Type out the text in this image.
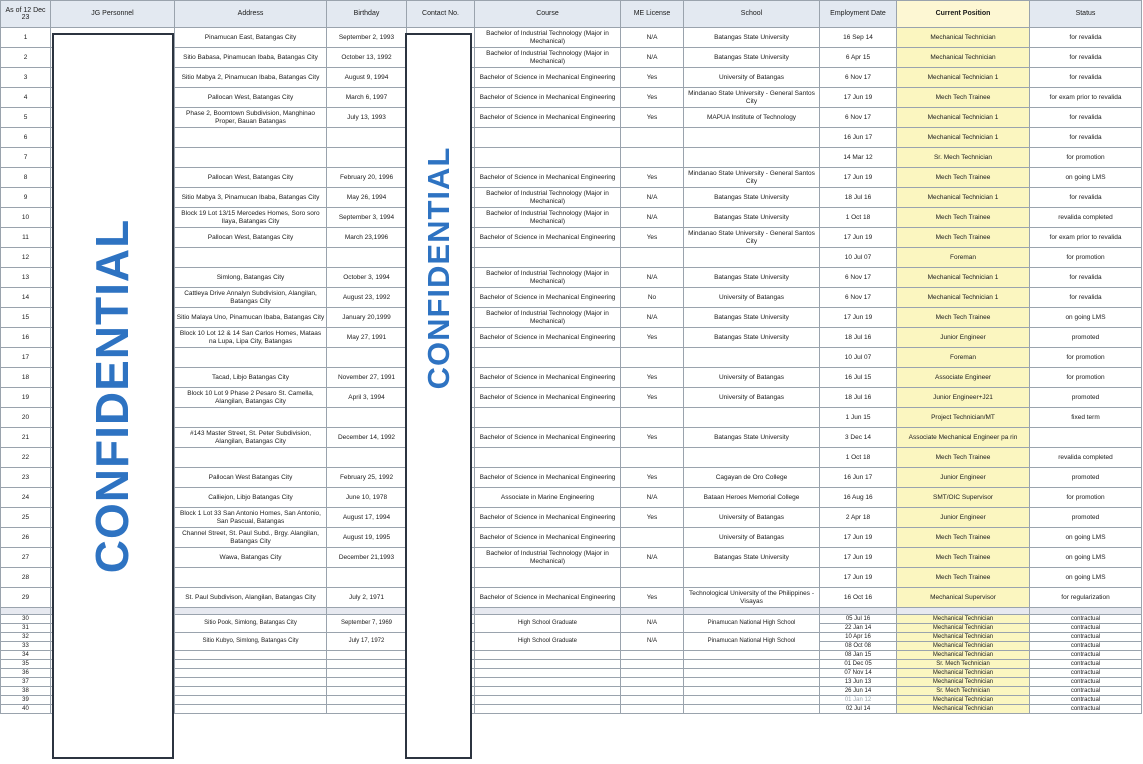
As of 12 Dec 23	JG Personnel	Address	Birthday	Contact No.	Course	ME License	School	Employment Date	Current Position	Status
1		Pinamucan East, Batangas City	September 2, 1993		Bachelor of Industrial Technology (Major in Mechanical)	N/A	Batangas State University	16 Sep 14	Mechanical Technician	for revalida
2		Sitio Babasa, Pinamucan Ibaba, Batangas City	October 13, 1992		Bachelor of Industrial Technology (Major in Mechanical)	N/A	Batangas State University	6 Apr 15	Mechanical Technician	for revalida
3		Sitio Mabya 2, Pinamucan Ibaba, Batangas City	August 9, 1994		Bachelor of Science in Mechanical Engineering	Yes	University of Batangas	6 Nov 17	Mechanical Technician 1	for revalida
4		Pallocan West, Batangas City	March 6, 1997		Bachelor of Science in Mechanical Engineering	Yes	Mindanao State University - General Santos City	17 Jun 19	Mech Tech Trainee	for exam prior to revalida
5		Phase 2, Boomtown Subdivision, Manghinao Proper, Bauan Batangas	July 13, 1993		Bachelor of Science in Mechanical Engineering	Yes	MAPUA Institute of Technology	6 Nov 17	Mechanical Technician 1	for revalida
6								16 Jun 17	Mechanical Technician 1	for revalida
7								14 Mar 12	Sr. Mech Technician	for promotion
8		Pallocan West, Batangas City	February 20, 1996		Bachelor of Science in Mechanical Engineering	Yes	Mindanao State University - General Santos City	17 Jun 19	Mech Tech Trainee	on going LMS
9		Sitio Mabya 3, Pinamucan Ibaba, Batangas City	May 26, 1994		Bachelor of Industrial Technology (Major in Mechanical)	N/A	Batangas State University	18 Jul 16	Mechanical Technician 1	for revalida
10		Block 19 Lot 13/15 Mercedes Homes, Soro soro Ilaya, Batangas City	September 3, 1994		Bachelor of Industrial Technology (Major in Mechanical)	N/A	Batangas State University	1 Oct 18	Mech Tech Trainee	revalida completed
11		Pallocan West, Batangas City	March 23,1996		Bachelor of Science in Mechanical Engineering	Yes	Mindanao State University - General Santos City	17 Jun 19	Mech Tech Trainee	for exam prior to revalida
12								10 Jul 07	Foreman	for promotion
13		Simlong, Batangas City	October 3, 1994		Bachelor of Industrial Technology (Major in Mechanical)	N/A	Batangas State University	6 Nov 17	Mechanical Technician 1	for revalida
14		Cattleya Drive Annalyn Subdivision, Alangilan, Batangas City	August 23, 1992		Bachelor of Science in Mechanical Engineering	No	University of Batangas	6 Nov 17	Mechanical Technician 1	for revalida
15		Sitio Malaya Uno, Pinamucan Ibaba, Batangas City	January 20,1999		Bachelor of Industrial Technology (Major in Mechanical)	N/A	Batangas State University	17 Jun 19	Mech Tech Trainee	on going LMS
16		Block 10 Lot 12 & 14 San Carlos Homes, Mataas na Lupa, Lipa City, Batangas	May 27, 1991		Bachelor of Science in Mechanical Engineering	Yes	Batangas State University	18 Jul 16	Junior Engineer	promoted
17								10 Jul 07	Foreman	for promotion
18		Tacad, Libjo Batangas City	November 27, 1991		Bachelor of Science in Mechanical Engineering	Yes	University of Batangas	16 Jul 15	Associate Engineer	for promotion
19		Block 10 Lot 9 Phase 2 Pesaro St. Camella, Alangilan, Batangas City	April 3, 1994		Bachelor of Science in Mechanical Engineering	Yes	University of Batangas	18 Jul 16	Junior Engineer+J21	promoted
20								1 Jun 15	Project Technician/MT	fixed term
21		#143 Master Street, St. Peter Subdivision, Alangilan, Batangas City	December 14, 1992		Bachelor of Science in Mechanical Engineering	Yes	Batangas State University	3 Dec 14	Associate Mechanical Engineer pa rin	
22								1 Oct 18	Mech Tech Trainee	revalida completed
23		Pallocan West Batangas City	February 25, 1992		Bachelor of Science in Mechanical Engineering	Yes	Cagayan de Oro College	16 Jun 17	Junior Engineer	promoted
24		Calliejon, Libjo Batangas City	June 10, 1978		Associate in Marine Engineering	N/A	Bataan Heroes Memorial College	16 Aug 16	SMT/OIC Supervisor	for promotion
25		Block 1 Lot 33 San Antonio Homes, San Antonio, San Pascual, Batangas	August 17, 1994		Bachelor of Science in Mechanical Engineering	Yes	University of Batangas	2 Apr 18	Junior Engineer	promoted
26		Channel Street, St. Paul Subd., Brgy. Alangilan, Batangas City	August 19, 1995		Bachelor of Science in Mechanical Engineering		University of Batangas	17 Jun 19	Mech Tech Trainee	on going LMS
27		Wawa, Batangas City	December 21,1993		Bachelor of Industrial Technology (Major in Mechanical)	N/A	Batangas State University	17 Jun 19	Mech Tech Trainee	on going LMS
28								17 Jun 19	Mech Tech Trainee	on going LMS
29		St. Paul Subdivison, Alangilan, Batangas City	July 2, 1971		Bachelor of Science in Mechanical Engineering	Yes	Technological University of the Philippines - Visayas	16 Oct 16	Mechanical Supervisor	for regularization

30		Sitio Pook, Simlong, Batangas City	September 7, 1969		High School Graduate	N/A	Pinamucan National High School	05 Jul 16	Mechanical Technician	contractual
31								22 Jan 14	Mechanical Technician	contractual
32		Sitio Kubyo, Simlong, Batangas City	July 17, 1972		High School Graduate	N/A	Pinamucan National High School	10 Apr 16	Mechanical Technician	contractual
33								08 Oct 08	Mechanical Technician	contractual
34								08 Jan 15	Mechanical Technician	contractual
35								01 Dec 05	Sr. Mech Technician	contractual
36								07 Nov 14	Mechanical Technician	contractual
37								13 Jun 13	Mechanical Technician	contractual
38								26 Jun 14	Sr. Mech Technician	contractual
39								01 Jan 12	Mechanical Technician	contractual
40								02 Jul 14	Mechanical Technician	contractual
CONFIDENTIAL	CONFIDENTIAL
